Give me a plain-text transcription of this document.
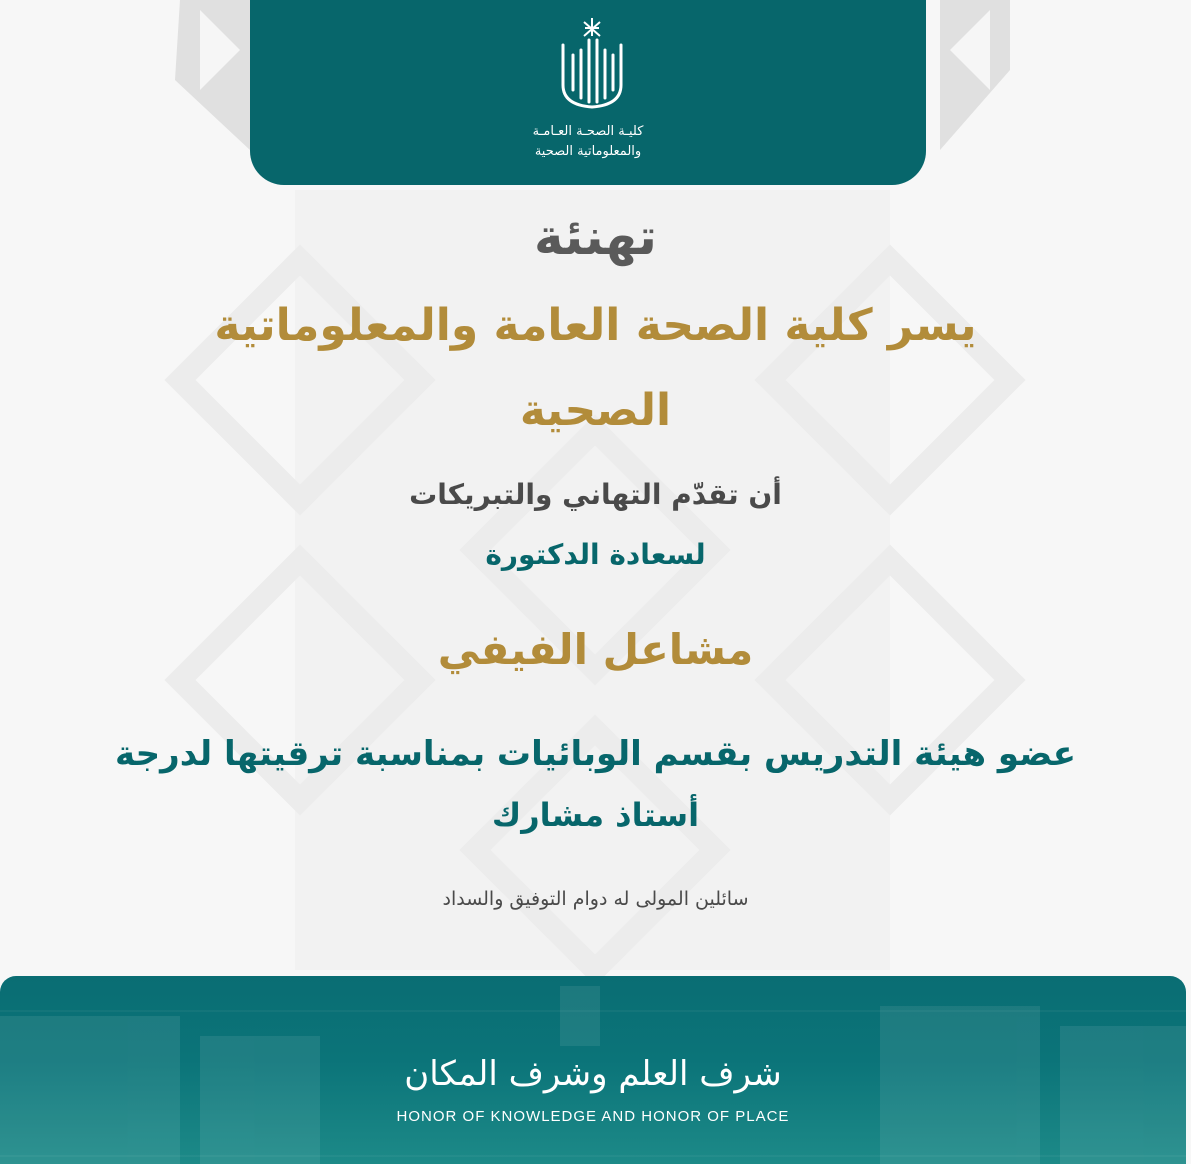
كليـة الصحـة العـامـة
والمعلوماتية الصحية
تهنئة
يسر كلية الصحة العامة والمعلوماتية
الصحية
أن تقدّم التهاني والتبريكات
لسعادة الدكتورة
مشاعل الفيفي
عضو هيئة التدريس بقسم الوبائيات بمناسبة ترقيتها لدرجة
أستاذ مشارك
سائلين المولى له دوام التوفيق والسداد
شرف العلم وشرف المكان
HONOR OF KNOWLEDGE AND HONOR OF PLACE
